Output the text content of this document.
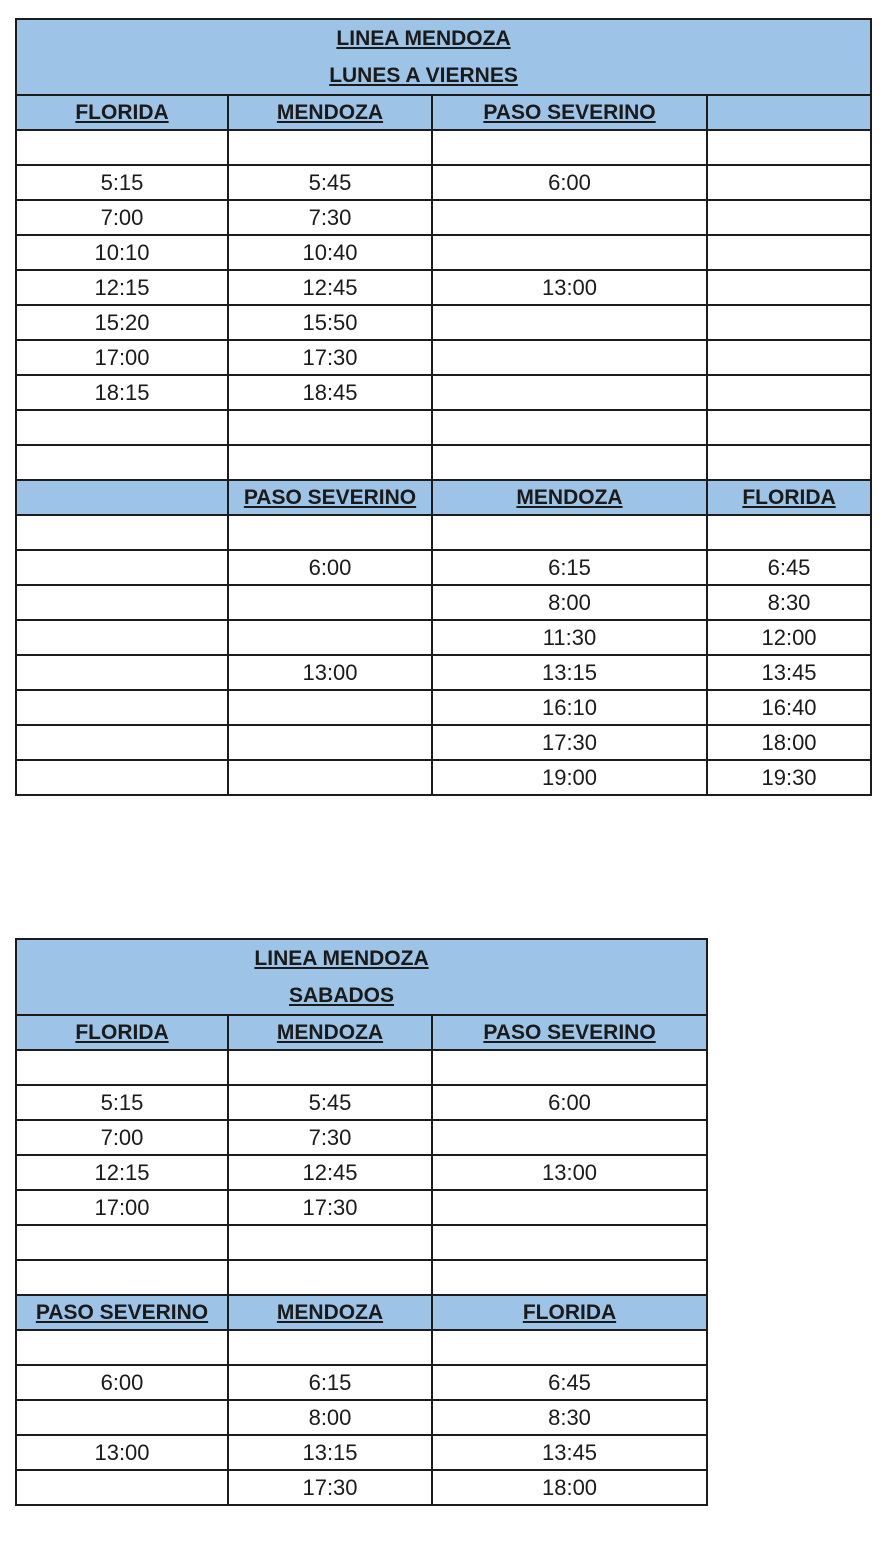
LINEA MENDOZA
LUNES A VIERNES			
FLORIDA	MENDOZA	PASO SEVERINO	

5:15	5:45	6:00	
7:00	7:30		
10:10	10:40		
12:15	12:45	13:00	
15:20	15:50		
17:00	17:30		
18:15	18:45		

	PASO SEVERINO	MENDOZA	FLORIDA

	6:00	6:15	6:45
		8:00	8:30
		11:30	12:00
	13:00	13:15	13:45
		16:10	16:40
		17:30	18:00
		19:00	19:30
LINEA MENDOZA
SABADOS		
FLORIDA	MENDOZA	PASO SEVERINO

5:15	5:45	6:00
7:00	7:30	
12:15	12:45	13:00
17:00	17:30	

PASO SEVERINO	MENDOZA	FLORIDA

6:00	6:15	6:45
	8:00	8:30
13:00	13:15	13:45
	17:30	18:00
